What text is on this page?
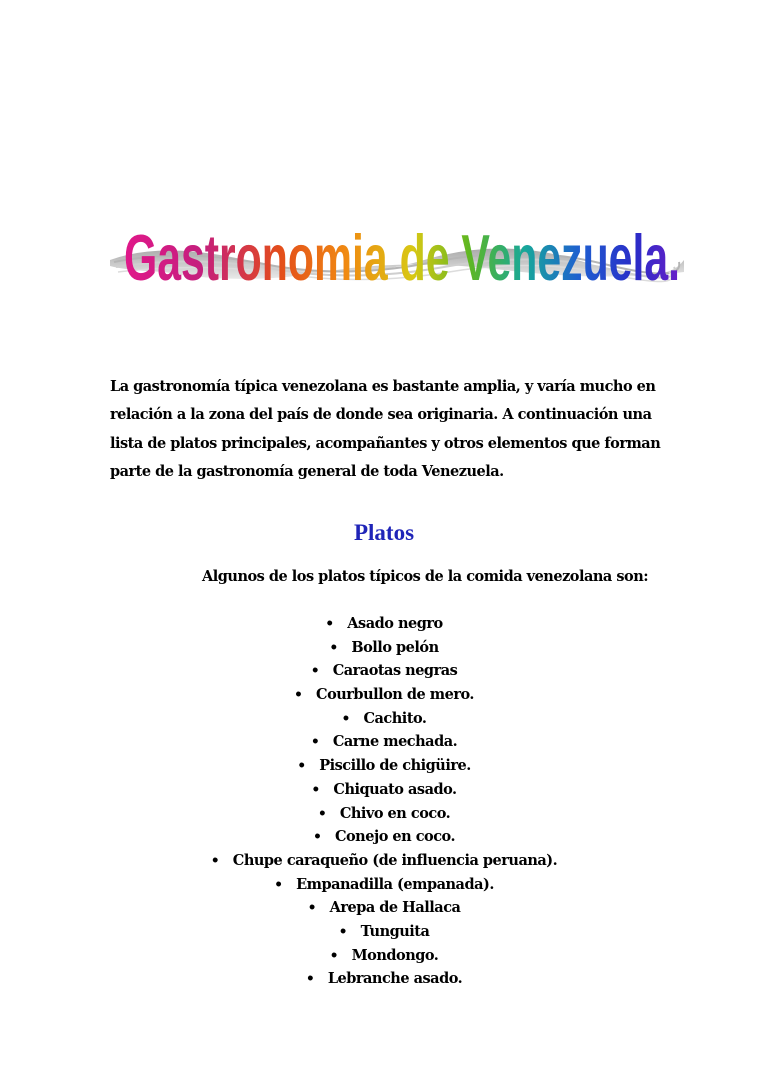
Gastronomia de Venezuela.

La gastronomía típica venezolana es bastante amplia, y varía mucho en relación a la zona del país de donde sea originaria. A continuación una lista de platos principales, acompañantes y otros elementos que forman parte de la gastronomía general de toda Venezuela.

Platos
Algunos de los platos típicos de la comida venezolana son:
• Asado negro
• Bollo pelón
• Caraotas negras
• Courbullon de mero.
• Cachito.
• Carne mechada.
• Piscillo de chigüire.
• Chiquato asado.
• Chivo en coco.
• Conejo en coco.
• Chupe caraqueño (de influencia peruana).
• Empanadilla (empanada).
• Arepa de Hallaca
• Tunguita
• Mondongo.
• Lebranche asado.
